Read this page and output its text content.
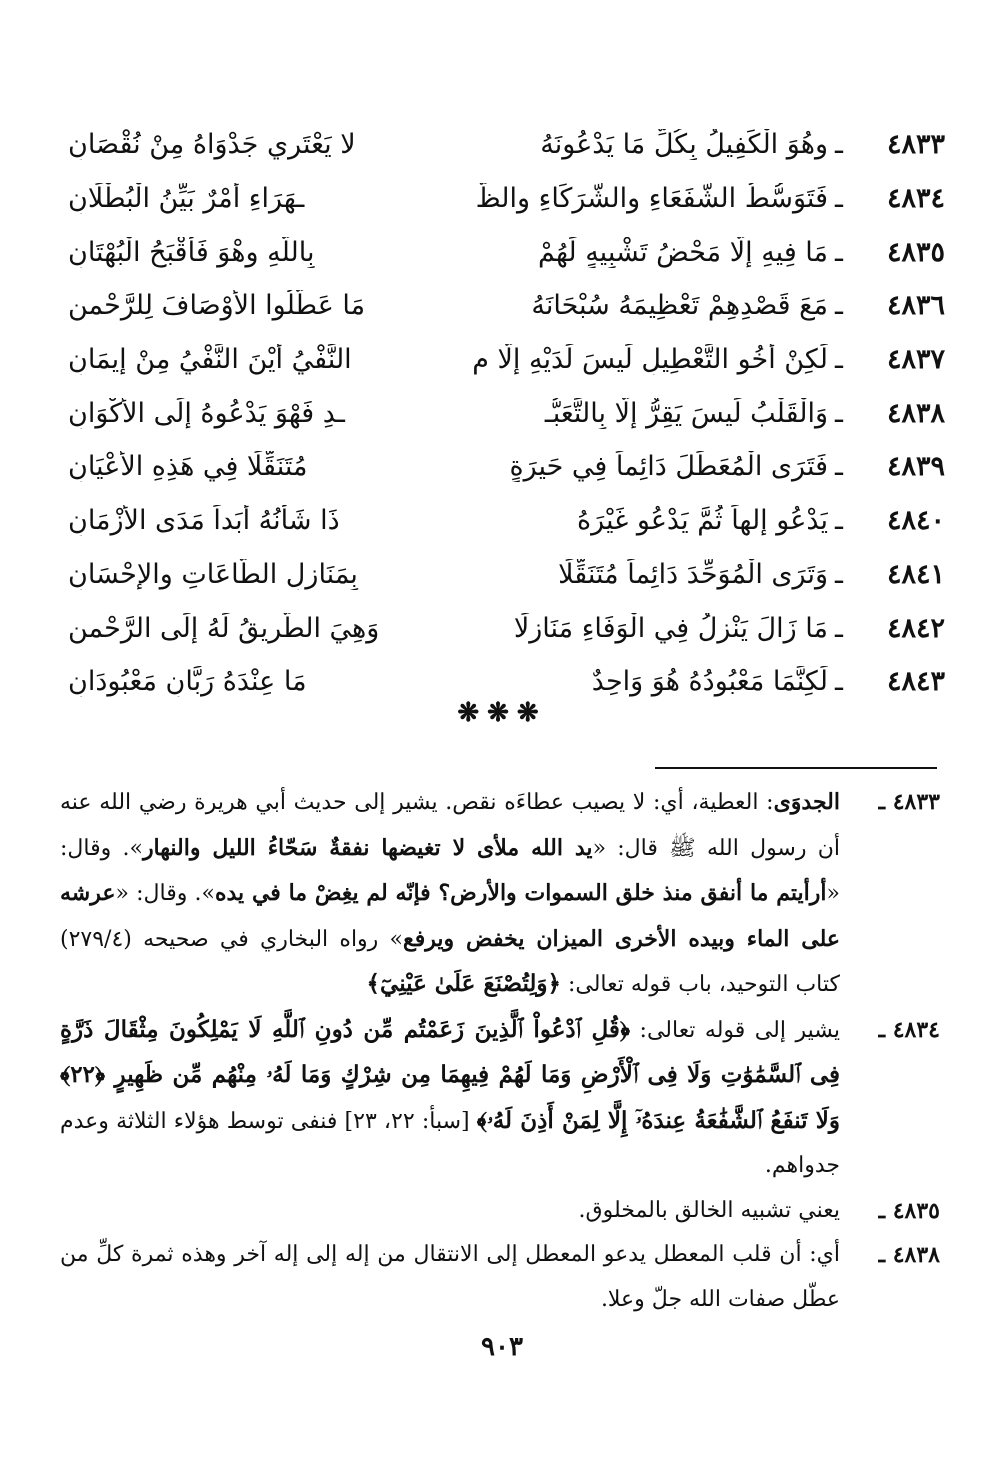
٤٨٣٣
ـ
وهُوَ الْكَفِيلُ بِكُلِّ مَا يَدْعُونَهُ
لا يَعْتَرِي جَدْوَاهُ مِنْ نُقْصَانِ
٤٨٣٤
ـ
فَتَوَسُّطُ الشُّفَعَاءِ والشُّرَكَاءِ والظُّ
ـهَرَاءِ أَمْرٌ بَيِّنُ الْبُطْلَانِ
٤٨٣٥
ـ
مَا فِيهِ إِلَّا مَحْضُ تَشْبِيهٍ لَهُمْ
بِاللَّهِ وهْوَ فَأَقْبَحُ الْبُهْتَانِ
٤٨٣٦
ـ
مَعَ قَصْدِهِمْ تَعْظِيمَهُ سُبْحَانَهُ
مَا عَطَّلُوا الأَوْصَافَ لِلرَّحْمنِ
٤٨٣٧
ـ
لَكِنْ أَخُو التَّعْطِيلِ لَيسَ لَدَيْهِ إِلَّا م
النَّفْيُ أَيْنَ النَّفْيُ مِنْ إِيمَانِ
٤٨٣٨
ـ
وَالْقَلْبُ لَيسَ يَقِرُّ إِلَّا بِالتَّعَبُّـ
ـدِ فَهْوَ يَدْعُوهُ إِلَى الأَكْوَانِ
٤٨٣٩
ـ
فَتَرَى الْمُعَطِّلَ دَائِماً فِي حَيرَةٍ
مُتَنَقِّلًا فِي هَذِهِ الأَعْيَانِ
٤٨٤٠
ـ
يَدْعُو إِلهاً ثُمَّ يَدْعُو غَيْرَهُ
ذَا شَأْنُهُ أَبَداً مَدَى الأَزْمَانِ
٤٨٤١
ـ
وَتَرَى الْمُوَحِّدَ دَائِماً مُتَنَقِّلًا
بِمَنَازِلِ الطَّاعَاتِ والإحْسَانِ
٤٨٤٢
ـ
مَا زَالَ يَنْزِلُ فِي الْوَفَاءِ مَنَازِلًا
وَهِيَ الطَّرِيقُ لَهُ إِلَى الرَّحْمنِ
٤٨٤٣
ـ
لَكِنَّمَا مَعْبُودُهُ هُوَ وَاحِدٌ
مَا عِنْدَهُ رَبَّانِ مَعْبُودَانِ
❋❋❋
٤٨٣٣ ـ
الجدوَى: العطية، أي: لا يصيب عطاءَه نقص. يشير إلى حديث أبي هريرة رضي الله عنه أن رسول الله ﷺ قال: «يد الله ملأى لا تغيضها نفقةٌ سَحّاءُ الليل والنهار». وقال: «أرأيتم ما أنفق منذ خلق السموات والأرض؟ فإنّه لم يغِضْ ما في يده». وقال: «عرشه على الماء وبيده الأخرى الميزان يخفض ويرفع» رواه البخاري في صحيحه (٢٧٩/٤) كتاب التوحيد، باب قوله تعالى: ﴿وَلِتُصْنَعَ عَلَىٰ عَيْنِيٓ﴾
٤٨٣٤ ـ
يشير إلى قوله تعالى: ﴿قُلِ ٱدْعُواْ ٱلَّذِينَ زَعَمْتُم مِّن دُونِ ٱللَّهِ لَا يَمْلِكُونَ مِثْقَالَ ذَرَّةٍ فِى ٱلسَّمَٰوَٰتِ وَلَا فِى ٱلْأَرْضِ وَمَا لَهُمْ فِيهِمَا مِن شِرْكٍ وَمَا لَهُۥ مِنْهُم مِّن ظَهِيرٍ ﴿٢٢﴾ وَلَا تَنفَعُ ٱلشَّفَٰعَةُ عِندَهُۥٓ إِلَّا لِمَنْ أَذِنَ لَهُۥ﴾ [سبأ: ٢٢، ٢٣] فنفى توسط هؤلاء الثلاثة وعدم جدواهم.
٤٨٣٥ ـ
يعني تشبيه الخالق بالمخلوق.
٤٨٣٨ ـ
أي: أن قلب المعطل يدعو المعطل إلى الانتقال من إله إلى إله آخر وهذه ثمرة كلِّ من عطّل صفات الله جلّ وعلا.
٩٠٣
